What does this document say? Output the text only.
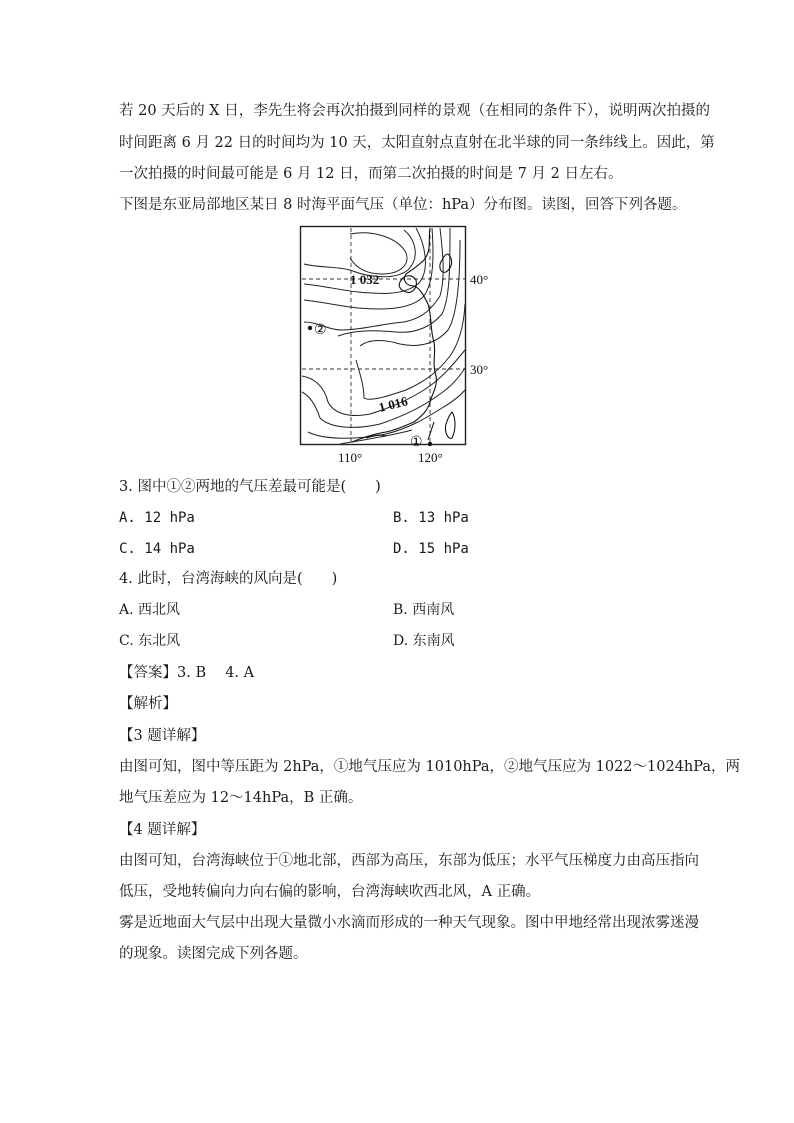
若 20 天后的 X 日，李先生将会再次拍摄到同样的景观（在相同的条件下），说明两次拍摄的
时间距离 6 月 22 日的时间均为 10 天，太阳直射点直射在北半球的同一条纬线上。因此，第
一次拍摄的时间最可能是 6 月 12 日，而第二次拍摄的时间是 7 月 2 日左右。
下图是东亚局部地区某日 8 时海平面气压（单位：hPa）分布图。读图，回答下列各题。
1 032
1 016
②
①
40°
30°
110°	120°
3. 图中①②两地的气压差最可能是(　　)
A. 12 hPa	B. 13 hPa
C. 14 hPa	D. 15 hPa
4. 此时，台湾海峡的风向是(　　)
A. 西北风	B. 西南风
C. 东北风	D. 东南风
【答案】3. B　 4. A
【解析】
【3 题详解】
由图可知，图中等压距为 2hPa，①地气压应为 1010hPa，②地气压应为 1022～1024hPa，两
地气压差应为 12～14hPa，B 正确。
【4 题详解】
由图可知，台湾海峡位于①地北部，西部为高压，东部为低压；水平气压梯度力由高压指向
低压，受地转偏向力向右偏的影响，台湾海峡吹西北风，A 正确。
雾是近地面大气层中出现大量微小水滴而形成的一种天气现象。图中甲地经常出现浓雾迷漫
的现象。读图完成下列各题。
